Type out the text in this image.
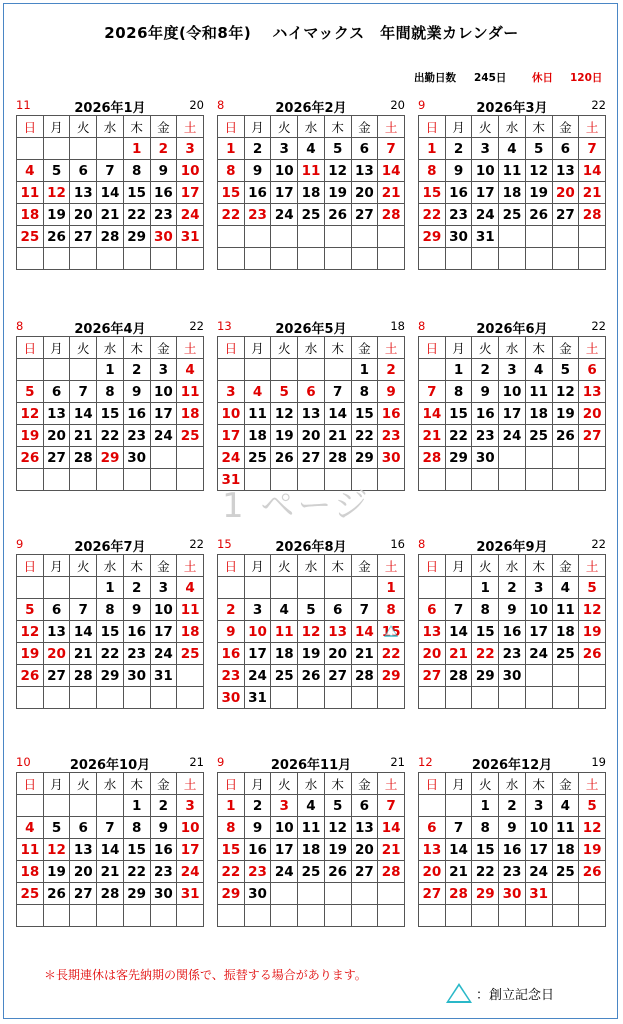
2026年度(令和8年)　 ハイマックス　年間就業カレンダー
出勤日数 245日 休日 120日
11	2026年1月	20
日	月	火	水	木	金	土
				1	2	3
4	5	6	7	8	9	10
11	12	13	14	15	16	17
18	19	20	21	22	23	24
25	26	27	28	29	30	31

8	2026年2月	20
日	月	火	水	木	金	土
1	2	3	4	5	6	7
8	9	10	11	12	13	14
15	16	17	18	19	20	21
22	23	24	25	26	27	28

9	2026年3月	22
日	月	火	水	木	金	土
1	2	3	4	5	6	7
8	9	10	11	12	13	14
15	16	17	18	19	20	21
22	23	24	25	26	27	28
29	30	31				

8	2026年4月	22
日	月	火	水	木	金	土
			1	2	3	4
5	6	7	8	9	10	11
12	13	14	15	16	17	18
19	20	21	22	23	24	25
26	27	28	29	30		

13	2026年5月	18
日	月	火	水	木	金	土
					1	2
3	4	5	6	7	8	9
10	11	12	13	14	15	16
17	18	19	20	21	22	23
24	25	26	27	28	29	30
31						
8	2026年6月	22
日	月	火	水	木	金	土
	1	2	3	4	5	6
7	8	9	10	11	12	13
14	15	16	17	18	19	20
21	22	23	24	25	26	27
28	29	30				

9	2026年7月	22
日	月	火	水	木	金	土
			1	2	3	4
5	6	7	8	9	10	11
12	13	14	15	16	17	18
19	20	21	22	23	24	25
26	27	28	29	30	31	

15	2026年8月	16
日	月	火	水	木	金	土
						1
2	3	4	5	6	7	8
9	10	11	12	13	14	15

16	17	18	19	20	21	22
23	24	25	26	27	28	29
30	31					
8	2026年9月	22
日	月	火	水	木	金	土
		1	2	3	4	5
6	7	8	9	10	11	12
13	14	15	16	17	18	19
20	21	22	23	24	25	26
27	28	29	30			

10	2026年10月	21
日	月	火	水	木	金	土
				1	2	3
4	5	6	7	8	9	10
11	12	13	14	15	16	17
18	19	20	21	22	23	24
25	26	27	28	29	30	31

9	2026年11月	21
日	月	火	水	木	金	土
1	2	3	4	5	6	7
8	9	10	11	12	13	14
15	16	17	18	19	20	21
22	23	24	25	26	27	28
29	30					

12	2026年12月	19
日	月	火	水	木	金	土
		1	2	3	4	5
6	7	8	9	10	11	12
13	14	15	16	17	18	19
20	21	22	23	24	25	26
27	28	29	30	31		

1 ページ
＊長期連休は客先納期の関係で、振替する場合があります。
：創立記念日
